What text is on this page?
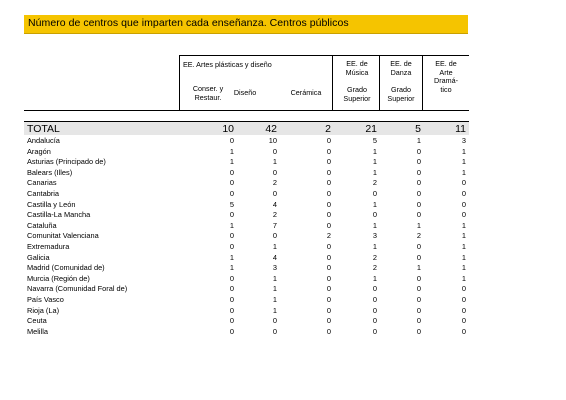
Número de centros que imparten cada enseñanza. Centros públicos
EE. Artes plásticas y diseño
Conser. y
Restaur.	Diseño	Cerámica
EE. de
Música
Grado
Superior
EE. de
Danza
Grado
Superior
EE. de
Arte
Dramá-
tico
TOTAL	10	42	2	21	5	11
Andalucía	0	10	0	5	1	3
Aragón	1	0	0	1	0	1
Asturias (Principado de)	1	1	0	1	0	1
Balears (Illes)	0	0	0	1	0	1
Canarias	0	2	0	2	0	0
Cantabria	0	0	0	0	0	0
Castilla y León	5	4	0	1	0	0
Castilla-La Mancha	0	2	0	0	0	0
Cataluña	1	7	0	1	1	1
Comunitat Valenciana	0	0	2	3	2	1
Extremadura	0	1	0	1	0	1
Galicia	1	4	0	2	0	1
Madrid (Comunidad de)	1	3	0	2	1	1
Murcia (Región de)	0	1	0	1	0	1
Navarra (Comunidad Foral de)	0	1	0	0	0	0
País Vasco	0	1	0	0	0	0
Rioja (La)	0	1	0	0	0	0
Ceuta	0	0	0	0	0	0
Melilla	0	0	0	0	0	0
